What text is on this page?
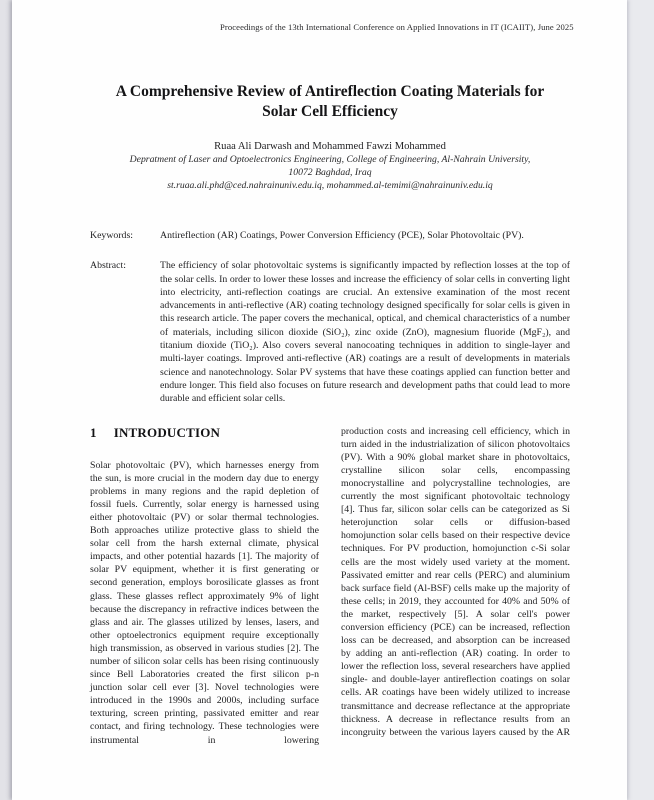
Proceedings of the 13th International Conference on Applied Innovations in IT (ICAIIT), June 2025
A Comprehensive Review of Antireflection Coating Materials for
Solar Cell Efficiency
Ruaa Ali Darwash and Mohammed Fawzi Mohammed
Depratment of Laser and Optoelectronics Engineering, College of Engineering, Al-Nahrain University,
10072 Baghdad, Iraq
st.ruaa.ali.phd@ced.nahrainuniv.edu.iq, mohammed.al-temimi@nahrainuniv.edu.iq
Keywords:	Antireflection (AR) Coatings, Power Conversion Efficiency (PCE), Solar Photovoltaic (PV).
Abstract:	The efficiency of solar photovoltaic systems is significantly impacted by reflection losses at the top of the solar cells. In order to lower these losses and increase the efficiency of solar cells in converting light into electricity, anti-reflection coatings are crucial. An extensive examination of the most recent advancements in anti-reflective (AR) coating technology designed specifically for solar cells is given in this research article. The paper covers the mechanical, optical, and chemical characteristics of a number of materials, including silicon dioxide (SiO₂), zinc oxide (ZnO), magnesium fluoride (MgF₂), and titanium dioxide (TiO₂). Also covers several nanocoating techniques in addition to single-layer and multi-layer coatings. Improved anti-reflective (AR) coatings are a result of developments in materials science and nanotechnology. Solar PV systems that have these coatings applied can function better and endure longer. This field also focuses on future research and development paths that could lead to more durable and efficient solar cells.
1 INTRODUCTION

Solar photovoltaic (PV), which harnesses energy from the sun, is more crucial in the modern day due to energy problems in many regions and the rapid depletion of fossil fuels. Currently, solar energy is harnessed using either photovoltaic (PV) or solar thermal technologies. Both approaches utilize protective glass to shield the solar cell from the harsh external climate, physical impacts, and other potential hazards [1]. The majority of solar PV equipment, whether it is first generating or second generation, employs borosilicate glasses as front glass. These glasses reflect approximately 9% of light because the discrepancy in refractive indices between the glass and air. The glasses utilized by lenses, lasers, and other optoelectronics equipment require exceptionally high transmission, as observed in various studies [2]. The number of silicon solar cells has been rising continuously since Bell Laboratories created the first silicon p-n junction solar cell ever [3]. Novel technologies were introduced in the 1990s and 2000s, including surface texturing, screen printing, passivated emitter and rear contact, and firing technology. These technologies were instrumental in lowering

production costs and increasing cell efficiency, which in turn aided in the industrialization of silicon photovoltaics (PV). With a 90% global market share in photovoltaics, crystalline silicon solar cells, encompassing monocrystalline and polycrystalline technologies, are currently the most significant photovoltaic technology [4]. Thus far, silicon solar cells can be categorized as Si heterojunction solar cells or diffusion-based homojunction solar cells based on their respective device techniques. For PV production, homojunction c-Si solar cells are the most widely used variety at the moment. Passivated emitter and rear cells (PERC) and aluminium back surface field (Al-BSF) cells make up the majority of these cells; in 2019, they accounted for 40% and 50% of the market, respectively [5]. A solar cell's power conversion efficiency (PCE) can be increased, reflection loss can be decreased, and absorption can be increased by adding an anti-reflection (AR) coating. In order to lower the reflection loss, several researchers have applied single- and double-layer antireflection coatings on solar cells. AR coatings have been widely utilized to increase transmittance and decrease reflectance at the appropriate thickness. A decrease in reflectance results from an incongruity between the various layers caused by the AR
